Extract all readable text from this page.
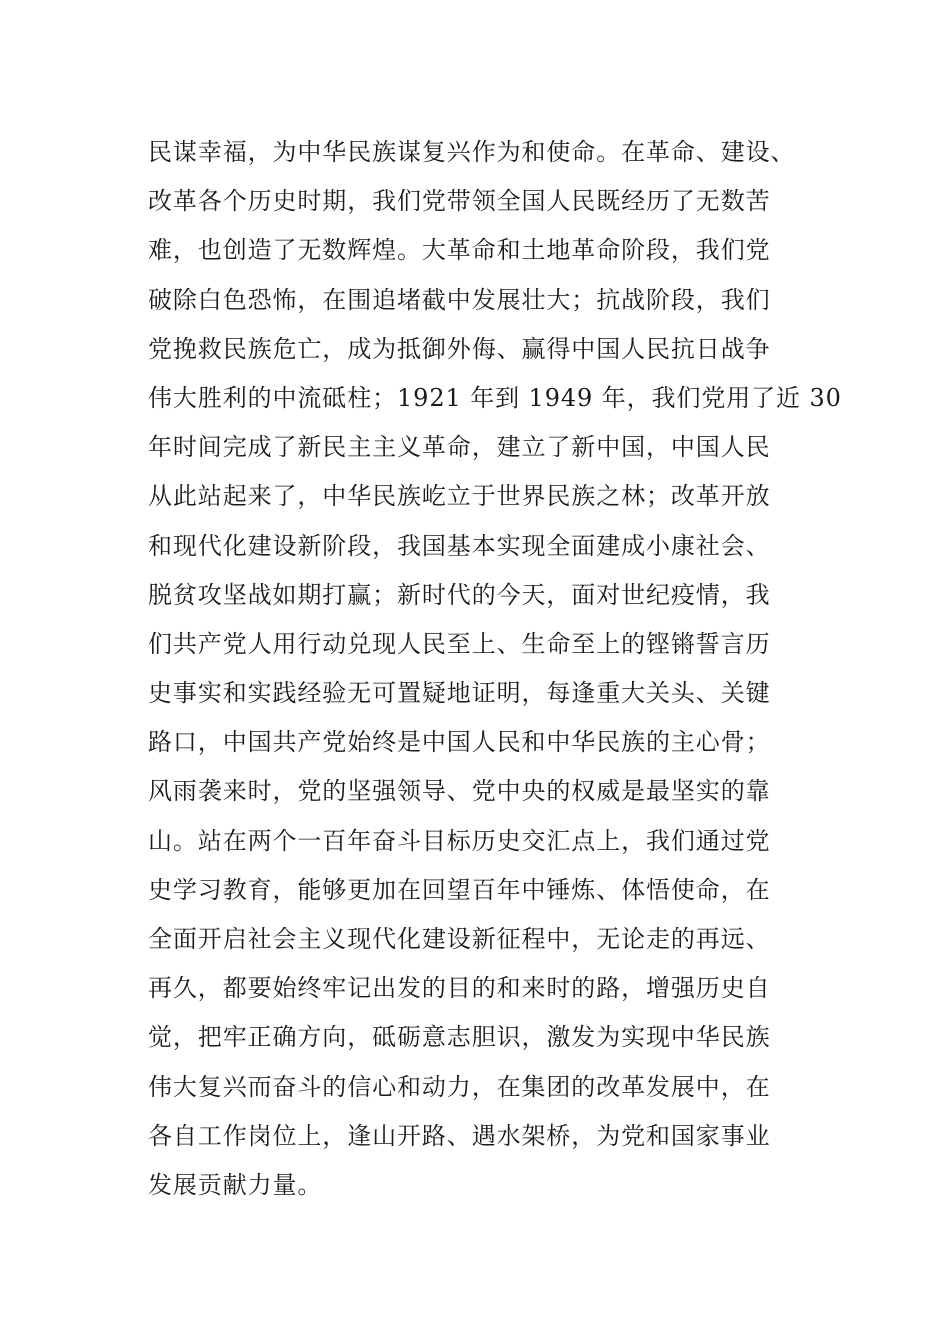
民谋幸福，为中华民族谋复兴作为和使命。在革命、建设、
改革各个历史时期，我们党带领全国人民既经历了无数苦
难，也创造了无数辉煌。大革命和土地革命阶段，我们党
破除白色恐怖，在围追堵截中发展壮大；抗战阶段，我们
党挽救民族危亡，成为抵御外侮、赢得中国人民抗日战争
伟大胜利的中流砥柱；1921 年到 1949 年，我们党用了近 30
年时间完成了新民主主义革命，建立了新中国，中国人民
从此站起来了，中华民族屹立于世界民族之林；改革开放
和现代化建设新阶段，我国基本实现全面建成小康社会、
脱贫攻坚战如期打赢；新时代的今天，面对世纪疫情，我
们共产党人用行动兑现人民至上、生命至上的铿锵誓言历
史事实和实践经验无可置疑地证明，每逢重大关头、关键
路口，中国共产党始终是中国人民和中华民族的主心骨；
风雨袭来时，党的坚强领导、党中央的权威是最坚实的靠
山。站在两个一百年奋斗目标历史交汇点上，我们通过党
史学习教育，能够更加在回望百年中锤炼、体悟使命，在
全面开启社会主义现代化建设新征程中，无论走的再远、
再久，都要始终牢记出发的目的和来时的路，增强历史自
觉，把牢正确方向，砥砺意志胆识，激发为实现中华民族
伟大复兴而奋斗的信心和动力，在集团的改革发展中，在
各自工作岗位上，逢山开路、遇水架桥，为党和国家事业
发展贡献力量。
